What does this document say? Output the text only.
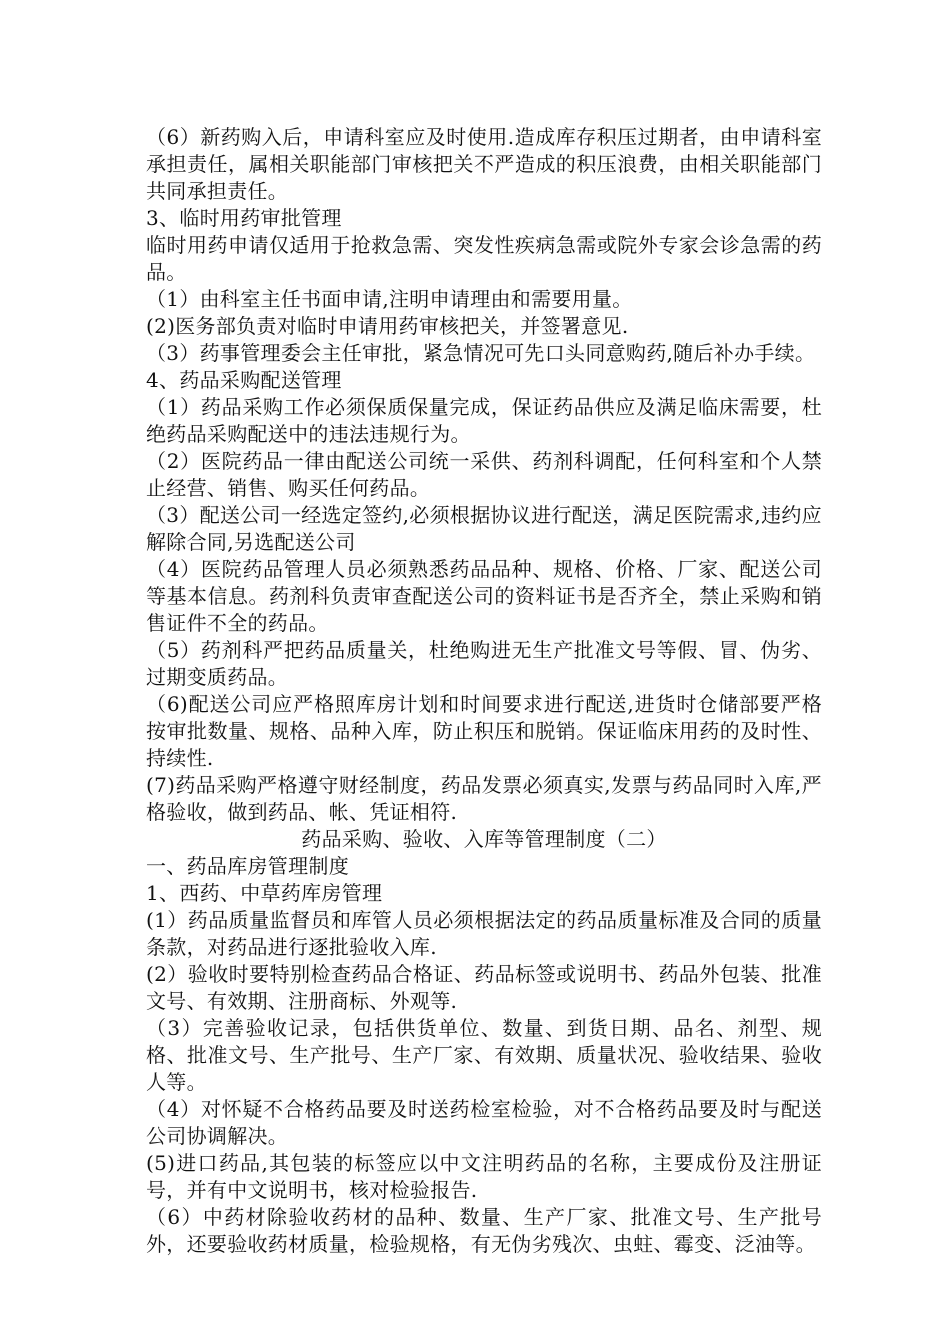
（6）新药购入后，申请科室应及时使用.造成库存积压过期者，由申请科室承担责任，属相关职能部门审核把关不严造成的积压浪费，由相关职能部门共同承担责任。

3、临时用药审批管理

临时用药申请仅适用于抢救急需、突发性疾病急需或院外专家会诊急需的药品。

（1）由科室主任书面申请,注明申请理由和需要用量。

(2)医务部负责对临时申请用药审核把关，并签署意见.

（3）药事管理委会主任审批，紧急情况可先口头同意购药,随后补办手续。

4、药品采购配送管理

（1）药品采购工作必须保质保量完成，保证药品供应及满足临床需要，杜绝药品采购配送中的违法违规行为。

（2）医院药品一律由配送公司统一采供、药剂科调配，任何科室和个人禁止经营、销售、购买任何药品。

（3）配送公司一经选定签约,必须根据协议进行配送，满足医院需求,违约应解除合同,另选配送公司

（4）医院药品管理人员必须熟悉药品品种、规格、价格、厂家、配送公司等基本信息。药剂科负责审查配送公司的资料证书是否齐全，禁止采购和销售证件不全的药品。

（5）药剂科严把药品质量关，杜绝购进无生产批准文号等假、冒、伪劣、过期变质药品。

（6)配送公司应严格照库房计划和时间要求进行配送,进货时仓储部要严格按审批数量、规格、品种入库，防止积压和脱销。保证临床用药的及时性、持续性.

(7)药品采购严格遵守财经制度，药品发票必须真实,发票与药品同时入库,严格验收，做到药品、帐、凭证相符.

药品采购、验收、入库等管理制度（二）

一、药品库房管理制度

1、西药、中草药库房管理

(1）药品质量监督员和库管人员必须根据法定的药品质量标准及合同的质量条款，对药品进行逐批验收入库.

(2）验收时要特别检查药品合格证、药品标签或说明书、药品外包装、批准文号、有效期、注册商标、外观等.

（3）完善验收记录，包括供货单位、数量、到货日期、品名、剂型、规格、批准文号、生产批号、生产厂家、有效期、质量状况、验收结果、验收人等。

（4）对怀疑不合格药品要及时送药检室检验，对不合格药品要及时与配送公司协调解决。

(5)进口药品,其包装的标签应以中文注明药品的名称，主要成份及注册证号，并有中文说明书，核对检验报告.

（6）中药材除验收药材的品种、数量、生产厂家、批准文号、生产批号外，还要验收药材质量，检验规格，有无伪劣残次、虫蛀、霉变、泛油等。
